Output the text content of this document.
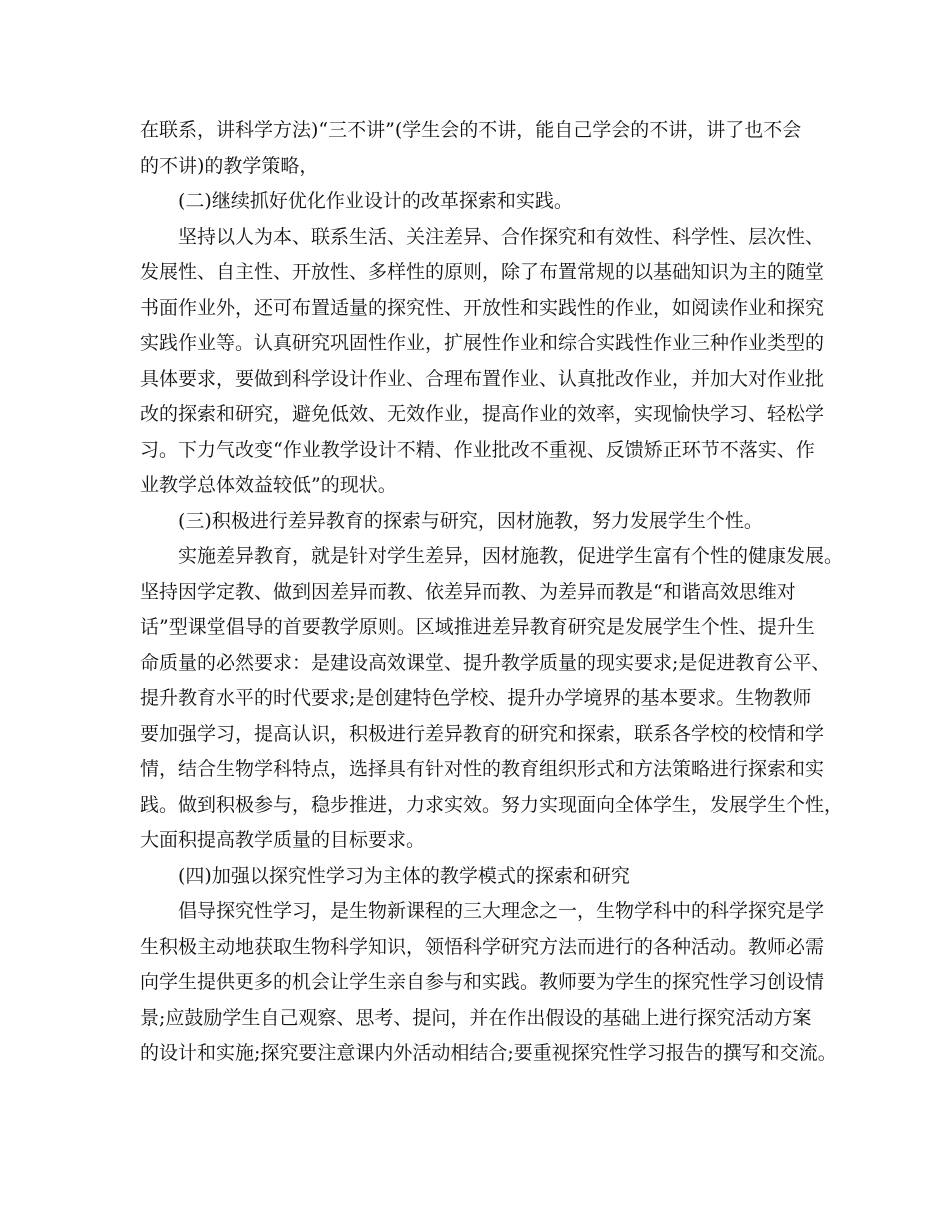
在联系，讲科学方法)“三不讲”(学生会的不讲，能自己学会的不讲，讲了也不会
的不讲)的教学策略，
(二)继续抓好优化作业设计的改革探索和实践。
坚持以人为本、联系生活、关注差异、合作探究和有效性、科学性、层次性、
发展性、自主性、开放性、多样性的原则，除了布置常规的以基础知识为主的随堂
书面作业外，还可布置适量的探究性、开放性和实践性的作业，如阅读作业和探究
实践作业等。认真研究巩固性作业，扩展性作业和综合实践性作业三种作业类型的
具体要求，要做到科学设计作业、合理布置作业、认真批改作业，并加大对作业批
改的探索和研究，避免低效、无效作业，提高作业的效率，实现愉快学习、轻松学
习。下力气改变“作业教学设计不精、作业批改不重视、反馈矫正环节不落实、作
业教学总体效益较低”的现状。
(三)积极进行差异教育的探索与研究，因材施教，努力发展学生个性。
实施差异教育，就是针对学生差异，因材施教，促进学生富有个性的健康发展。
坚持因学定教、做到因差异而教、依差异而教、为差异而教是“和谐高效思维对
话”型课堂倡导的首要教学原则。区域推进差异教育研究是发展学生个性、提升生
命质量的必然要求：是建设高效课堂、提升教学质量的现实要求;是促进教育公平、
提升教育水平的时代要求;是创建特色学校、提升办学境界的基本要求。生物教师
要加强学习，提高认识，积极进行差异教育的研究和探索，联系各学校的校情和学
情，结合生物学科特点，选择具有针对性的教育组织形式和方法策略进行探索和实
践。做到积极参与，稳步推进，力求实效。努力实现面向全体学生，发展学生个性，
大面积提高教学质量的目标要求。
(四)加强以探究性学习为主体的教学模式的探索和研究
倡导探究性学习，是生物新课程的三大理念之一，生物学科中的科学探究是学
生积极主动地获取生物科学知识，领悟科学研究方法而进行的各种活动。教师必需
向学生提供更多的机会让学生亲自参与和实践。教师要为学生的探究性学习创设情
景;应鼓励学生自己观察、思考、提问，并在作出假设的基础上进行探究活动方案
的设计和实施;探究要注意课内外活动相结合;要重视探究性学习报告的撰写和交流。
